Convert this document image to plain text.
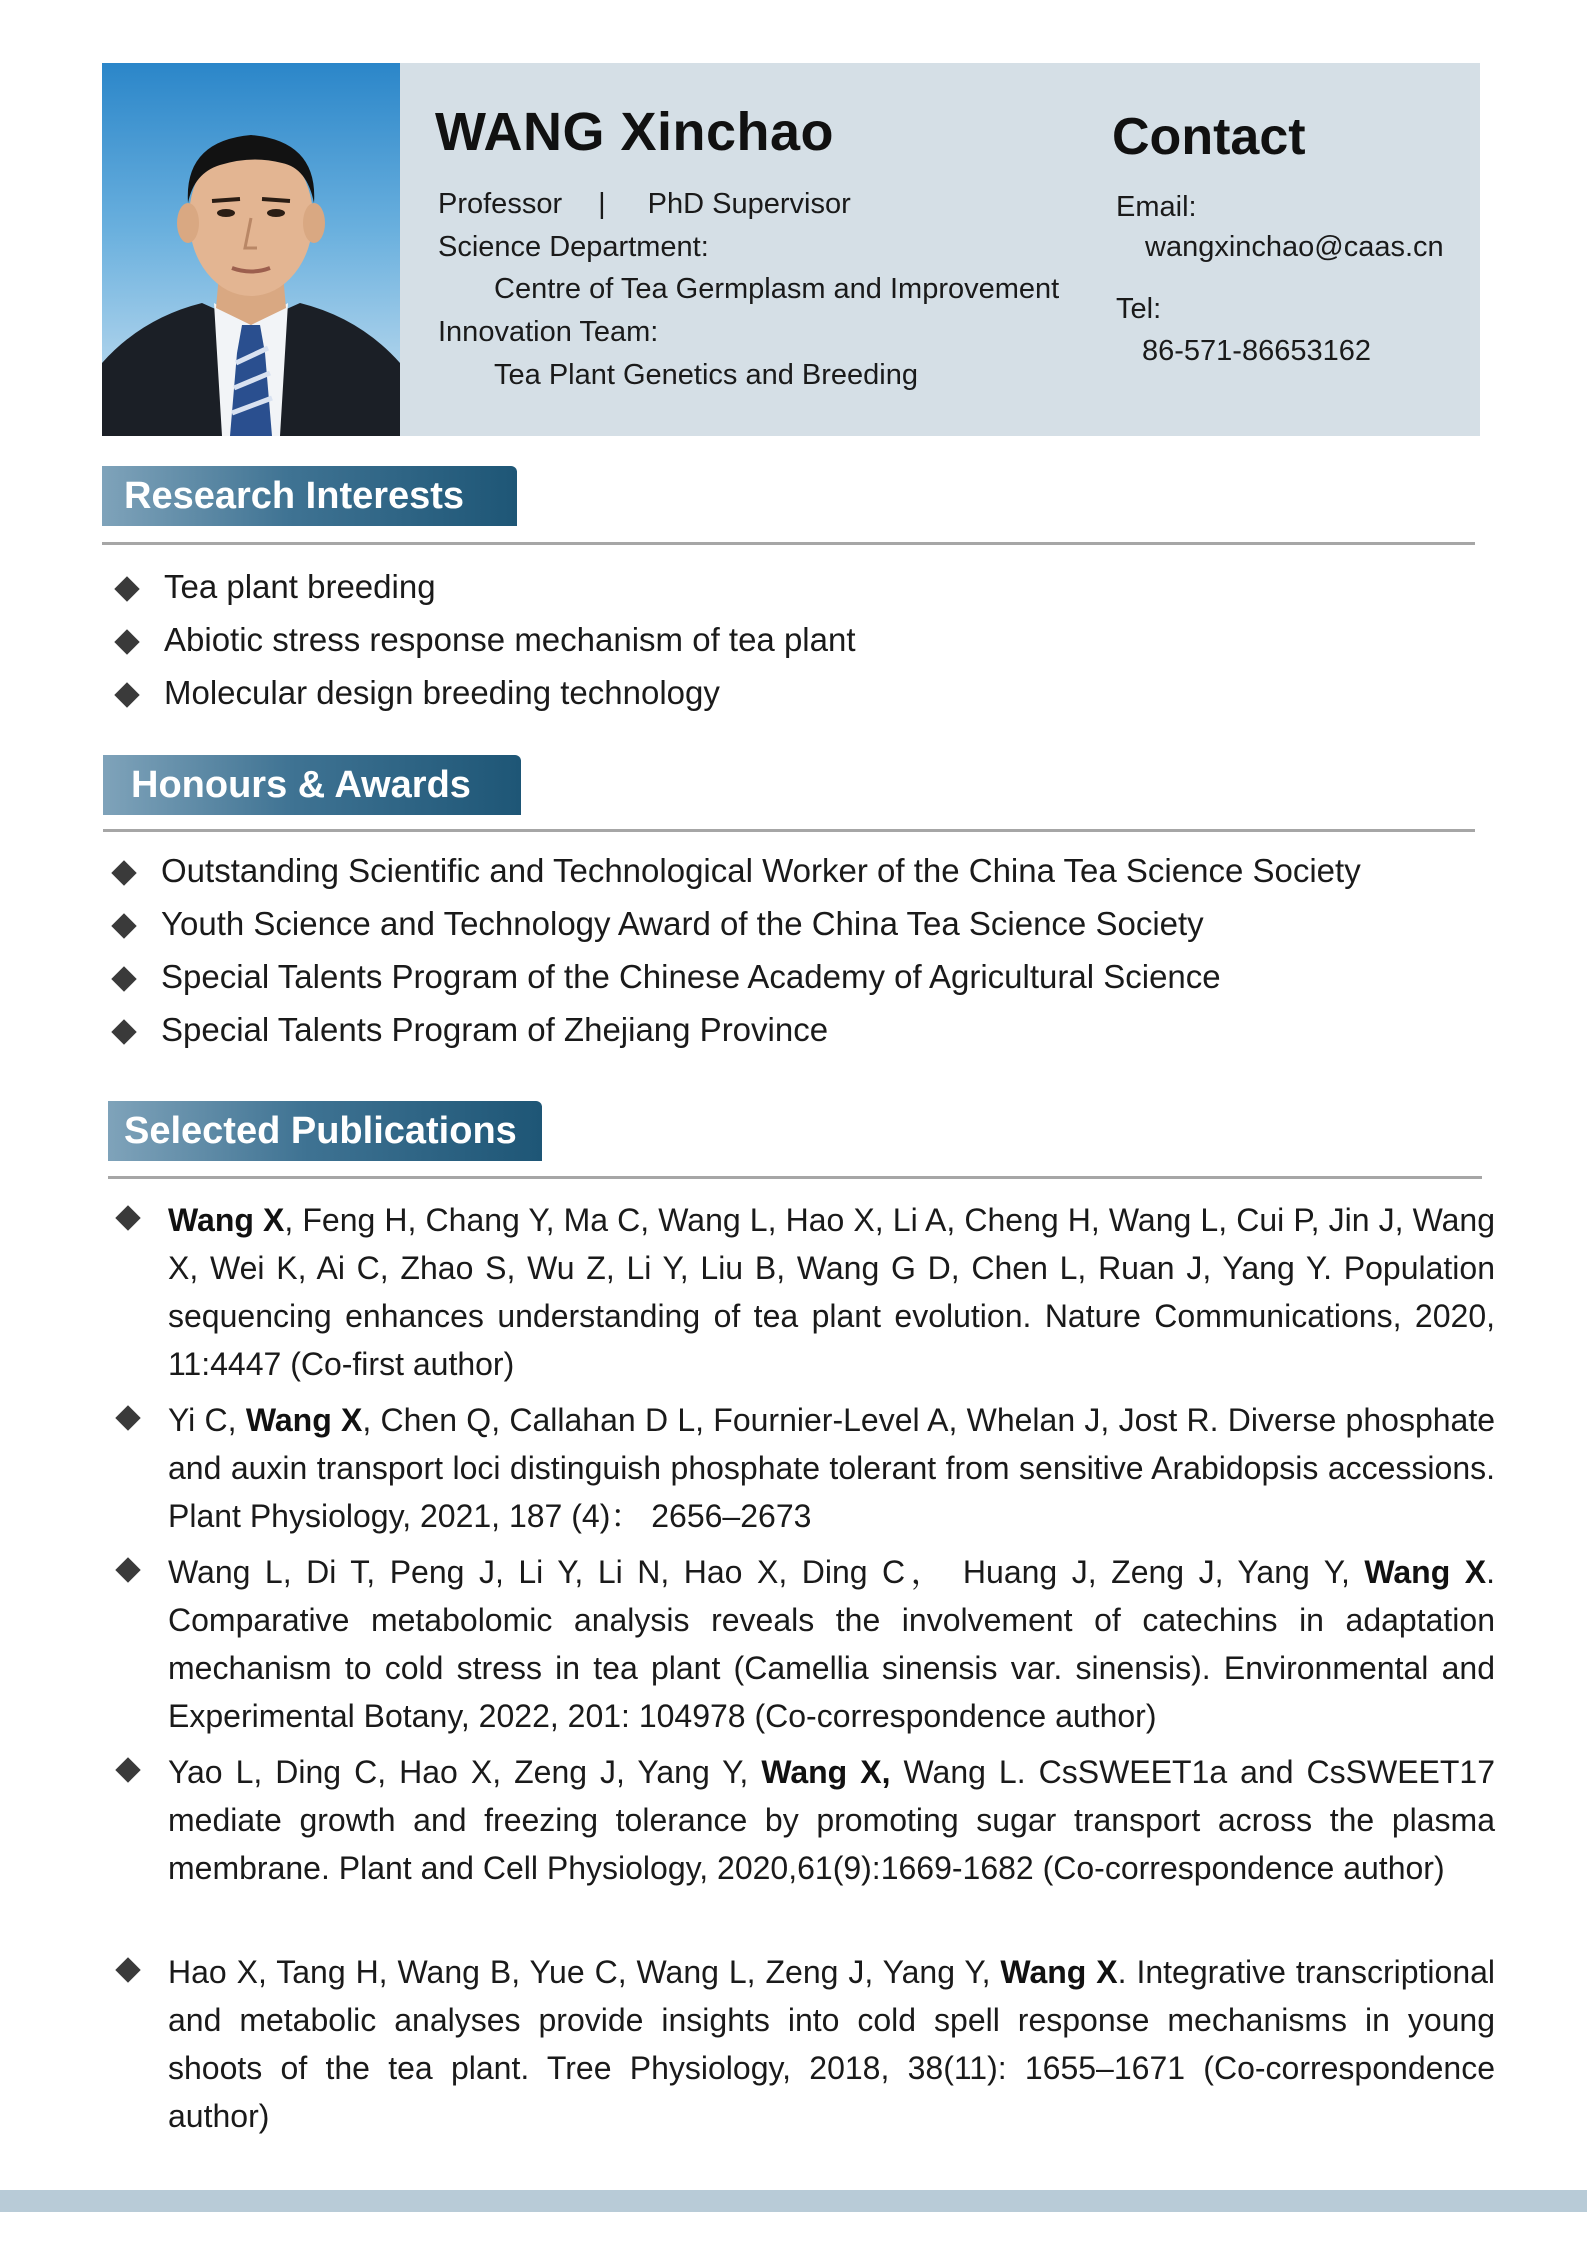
WANG Xinchao
Professor | PhD Supervisor
Science Department:
Centre of Tea Germplasm and Improvement
Innovation Team:
Tea Plant Genetics and Breeding
Contact
Email:
wangxinchao@caas.cn
Tel:
86-571-86653162
Research Interests
Tea plant breeding
Abiotic stress response mechanism of tea plant
Molecular design breeding technology
Honours & Awards
Outstanding Scientific and Technological Worker of the China Tea Science Society
Youth Science and Technology Award of the China Tea Science Society
Special Talents Program of the Chinese Academy of Agricultural Science
Special Talents Program of Zhejiang Province
Selected Publications
Wang X, Feng H, Chang Y, Ma C, Wang L, Hao X, Li A, Cheng H, Wang L, Cui P, Jin J, Wang X, Wei K, Ai C, Zhao S, Wu Z, Li Y, Liu B, Wang G D, Chen L, Ruan J, Yang Y. Population sequencing enhances understanding of tea plant evolution. Nature Communications, 2020, 11:4447 (Co-first author)
Yi C, Wang X, Chen Q, Callahan D L, Fournier-Level A, Whelan J, Jost R. Diverse phosphate and auxin transport loci distinguish phosphate tolerant from sensitive Arabidopsis accessions. Plant Physiology, 2021, 187 (4)： 2656–2673
Wang L, Di T, Peng J, Li Y, Li N, Hao X, Ding C， Huang J, Zeng J, Yang Y, Wang X. Comparative metabolomic analysis reveals the involvement of catechins in adaptation mechanism to cold stress in tea plant (Camellia sinensis var. sinensis). Environmental and Experimental Botany, 2022, 201: 104978 (Co-correspondence author)
Yao L, Ding C, Hao X, Zeng J, Yang Y, Wang X, Wang L. CsSWEET1a and CsSWEET17 mediate growth and freezing tolerance by promoting sugar transport across the plasma membrane. Plant and Cell Physiology, 2020,61(9):1669-1682 (Co-correspondence author)
Hao X, Tang H, Wang B, Yue C, Wang L, Zeng J, Yang Y, Wang X. Integrative transcriptional and metabolic analyses provide insights into cold spell response mechanisms in young shoots of the tea plant. Tree Physiology, 2018, 38(11): 1655–1671 (Co-correspondence author)
